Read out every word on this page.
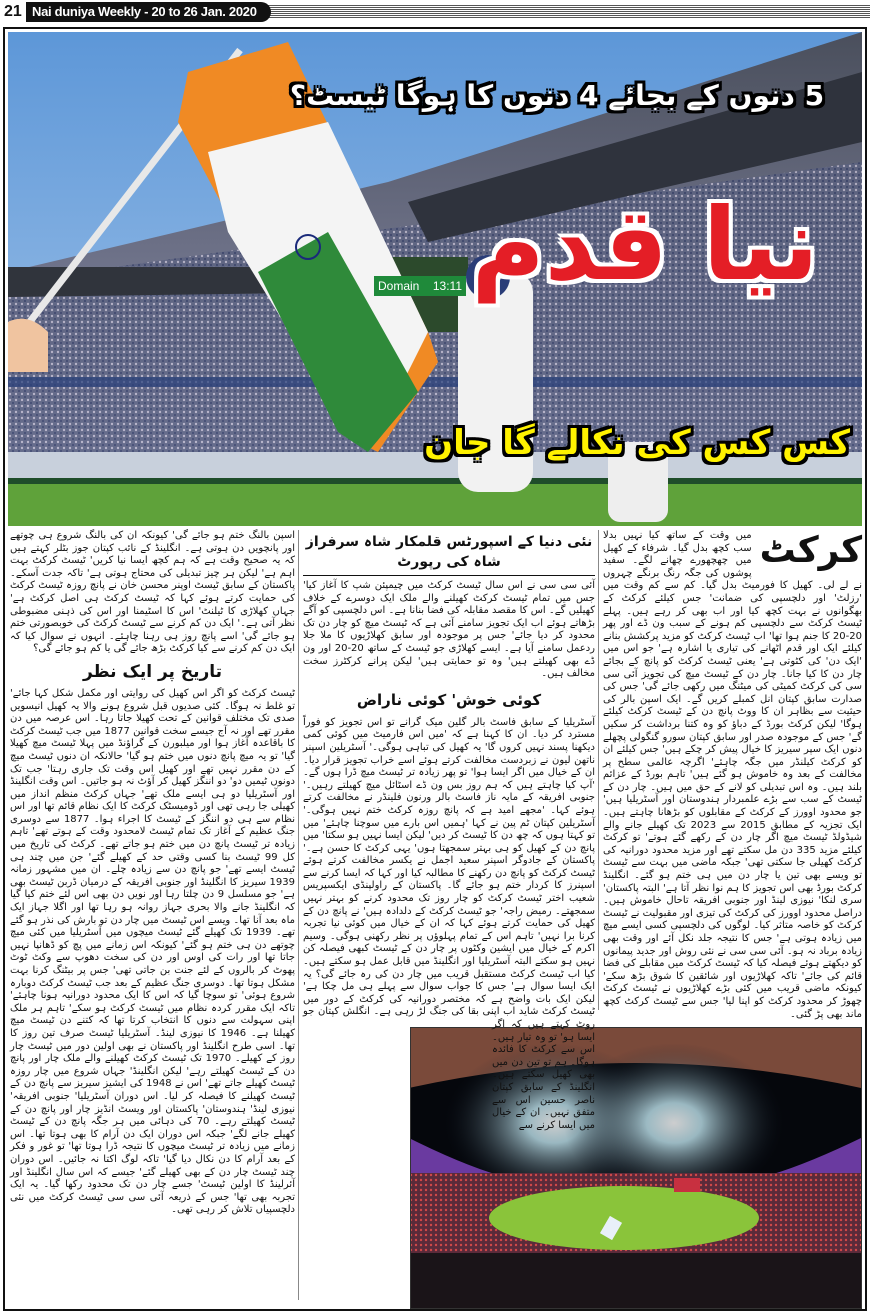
21 Nai duniya Weekly - 20 to 26 Jan. 2020
Domain 13:11
5 دنوں کے بجائے 4 دنوں کا ہوگا ٹیسٹ؟
نیا قدم
کس کس کی نکالے گا جان
کرکٹ

میں وقت کے ساتھ کیا نہیں بدلا سب کچھ بدل گیا۔ شرفاء کے کھیل میں چھچھورے چھانے لگے۔ سفید پوشوں کی جگہ رنگ برنگے چہروں نے لے لی۔ کھیل کا فورمیٹ بدل گیا۔ کم سے کم وقت میں 'رزلٹ' اور دلچسپی کی ضمانت' جس کیلئے کرکٹ کے بھگوانوں نے بہت کچھ کیا اور اب بھی کر رہے ہیں۔ پہلے ٹیسٹ کرکٹ سے دلچسپی کم ہونے کے سبب ون ڈے اور پھر 20-20 کا جنم ہوا تھا' اب ٹیسٹ کرکٹ کو مزید پرکشش بنانے کیلئے ایک اور قدم اٹھانے کی تیاری یا اشارہ ہے' جو اس میں 'ایک دن' کی کٹوتی ہے' یعنی ٹیسٹ کرکٹ کو پانچ کے بجائے چار دن کا کیا جانا۔ چار دن کے ٹیسٹ میچ کی تجویز آئی سی سی کی کرکٹ کمیٹی کی میٹنگ میں رکھی جائے گی' جس کی صدارت سابق کپتان انل کمبلے کریں گے۔ ایک اسپن بالر کی حیثیت سے بظاہر ان کا ووٹ پانچ دن کے ٹیسٹ کرکٹ کیلئے ہوگا' لیکن کرکٹ بورڈ کے دباؤ کو وہ کتنا برداشت کر سکیں گے' جس کے موجودہ صدر اور سابق کپتان سورو گنگولی پچھلے دنوں ایک سپر سیریز کا خیال پیش کر چکے ہیں' جس کیلئے ان کو کرکٹ کیلنڈر میں جگہ چاہئے' اگرچہ عالمی سطح پر مخالفت کے بعد وہ خاموش ہو گئے ہیں' تاہم بورڈ کے عزائم بلند ہیں۔ وہ اس تبدیلی کو لانے کے حق میں ہیں۔ چار دن کے ٹیسٹ کے سب سے بڑے علمبردار ہندوستان اور آسٹریلیا ہیں' جو محدود اوورز کے کرکٹ کے مقابلوں کو بڑھانا چاہتے ہیں۔ ایک تجزیہ کے مطابق 2015 سے 2023 تک کھیلے جانے والے شیڈولڈ ٹیسٹ میچ اگر چار دن کے رکھے گئے ہوتے' تو کرکٹ کیلئے مزید 335 دن مل سکتے تھے اور مزید محدود دورانیہ کی کرکٹ کھیلی جا سکتی تھی' جبکہ ماضی میں بہت سے ٹیسٹ تو ویسے بھی تین یا چار دن میں ہی ختم ہو گئے۔ انگلینڈ کرکٹ بورڈ بھی اس تجویز کا ہم نوا نظر آتا ہے' البتہ پاکستان' سری لنکا' نیوزی لینڈ اور جنوبی افریقہ تاحال خاموش ہیں۔ دراصل محدود اوورز کی کرکٹ کی تیزی اور مقبولیت نے ٹیسٹ کرکٹ کو خاصہ متاثر کیا۔ لوگوں کی دلچسپی کسی ایسے میچ میں زیادہ ہوتی ہے' جس کا نتیجہ جلد نکل آئے اور وقت بھی زیادہ برباد نہ ہو۔ آئی سی سی نے نئی روش اور جدید پیمانوں کو دیکھتے ہوئے فیصلہ کیا کہ ٹیسٹ کرکٹ میں مقابلے کی فضا قائم کی جائے' تاکہ کھلاڑیوں اور شائقین کا شوق بڑھ سکے' کیونکہ ماضی قریب میں کئی بڑے کھلاڑیوں نے ٹیسٹ کرکٹ چھوڑ کر محدود کرکٹ کو اپنا لیا' جس سے ٹیسٹ کرکٹ کچھ ماند بھی پڑ گئی۔

نئی دنیا کے اسپورٹس قلمکار شاہ سرفراز شاہ کی رپورٹ

آئی سی سی نے اس سال ٹیسٹ کرکٹ میں چیمپئن شپ کا آغاز کیا' جس میں تمام ٹیسٹ کرکٹ کھیلنے والے ملک ایک دوسرے کے خلاف کھیلیں گے۔ اس کا مقصد مقابلہ کی فضا بنانا ہے۔ اس دلچسپی کو آگے بڑھاتے ہوئے اب ایک تجویز سامنے آئی ہے کہ ٹیسٹ میچ کو چار دن تک محدود کر دیا جائے' جس پر موجودہ اور سابق کھلاڑیوں کا ملا جلا ردعمل سامنے آیا ہے۔ ایسے کھلاڑی جو ٹیسٹ کے ساتھ 20-20 اور ون ڈے بھی کھیلتے ہیں' وہ تو حمایتی ہیں' لیکن پرانے کرکٹرز سخت مخالف ہیں۔

کوئی خوش' کوئی ناراض

آسٹریلیا کے سابق فاسٹ بالر گلین میک گرانے تو اس تجویز کو فوراً مسترد کر دیا۔ ان کا کہنا ہے کہ 'میں اس فارمیٹ میں کوئی کمی دیکھنا پسند نہیں کروں گا' یہ کھیل کی تباہی ہوگی۔' آسٹریلین اسپنر ناتھن لیون نے زبردست مخالفت کرتے ہوئے اسے خراب تجویز قرار دیا۔ ان کے خیال میں اگر ایسا ہوا' تو پھر زیادہ تر ٹیسٹ میچ ڈرا ہوں گے۔ 'آپ کیا چاہتے ہیں کہ ہم روز بس ون ڈے اسٹائل میچ کھیلتے رہیں۔' جنوبی افریقہ کے مایہ ناز فاسٹ بالر ورنون فلینڈر نے مخالفت کرتے ہوئے کہا۔ 'مجھے امید ہے کہ پانچ روزہ کرکٹ ختم نہیں ہوگی۔' آسٹریلین کپتان ٹم پین نے کہا 'ہمیں اس بارے میں سوچنا چاہئے' میں تو کہتا ہوں کہ چھ دن کا ٹیسٹ کر دیں' لیکن ایسا نہیں ہو سکتا' میں پانچ دن کے کھیل کو ہی بہتر سمجھتا ہوں' یہی کرکٹ کا حسن ہے۔' پاکستان کے جادوگر اسپنر سعید اجمل نے یکسر مخالفت کرتے ہوئے ٹیسٹ کرکٹ کو پانچ دن رکھنے کا مطالبہ کیا اور کہا کہ ایسا کرنے سے اسپنرز کا کردار ختم ہو جائے گا۔ پاکستان کے راولپنڈی ایکسپریس شعیب اختر ٹیسٹ کرکٹ کو چار روز تک محدود کرنے کو بہتر نہیں سمجھتے۔ رمیض راجہ' جو ٹیسٹ کرکٹ کے دلدادہ ہیں' نے پانچ دن کے کھیل کی حمایت کرتے ہوئے کہا کہ ان کے خیال میں کوئی نیا تجربہ کرنا برا نہیں' تاہم اس کے تمام پہلوؤں پر نظر رکھنی ہوگی۔ وسیم اکرم کے خیال میں ایشین وکٹوں پر چار دن کے ٹیسٹ کبھی فیصلہ کن نہیں ہو سکتے البتہ آسٹریلیا اور انگلینڈ میں قابل عمل ہو سکتے ہیں۔ کیا اب ٹیسٹ کرکٹ مستقبل قریب میں چار دن کی رہ جائے گی؟ یہ ایک ایسا سوال ہے' جس کا جواب سوال سے پہلے ہی مل چکا ہے' لیکن ایک بات واضح ہے کہ مختصر دورانیہ کی کرکٹ کے دور میں ٹیسٹ کرکٹ شاید اب اپنی بقا کی جنگ لڑ رہی ہے۔ انگلش کپتان جو روٹ کہتے ہیں کہ اگر ایسا ہو' تو وہ تیار ہیں۔ اس سے کرکٹ کا فائدہ ہوگا۔ ہم تو تین دن میں بھی کھیل سکتے ہیں۔ انگلینڈ کے سابق کپتان ناصر حسین اس سے متفق نہیں۔ ان کے خیال میں ایسا کرنے سے

اسپن بالنگ ختم ہو جائے گی' کیونکہ ان کی بالنگ شروع ہی چوتھے اور پانچویں دن ہوتی ہے۔ انگلینڈ کے نائب کپتان جوز بٹلر کہتے ہیں کہ یہ صحیح وقت ہے کہ ہم کچھ ایسا نیا کریں' ٹیسٹ کرکٹ بہت اہم ہے' لیکن ہر چیز تبدیلی کی محتاج ہوتی ہے' تاکہ جدت آسکے۔ پاکستان کے سابق ٹیسٹ اوپنر محسن خان نے پانچ روزہ ٹیسٹ کرکٹ کی حمایت کرتے ہوئے کہا کہ ٹیسٹ کرکٹ ہی اصل کرکٹ ہے' جہاں کھلاڑی کا ٹیلنٹ' اس کا اسٹیمنا اور اس کی ذہنی مضبوطی نظر آتی ہے۔' ایک دن کم کرنے سے ٹیسٹ کرکٹ کی خوبصورتی ختم ہو جائے گی' اسے پانچ روز ہی رہنا چاہئے۔ انہوں نے سوال کیا کہ ایک دن کم کرنے سے کیا کرکٹ بڑھ جائے گی یا کم ہو جائے گی؟

تاریخ پر ایک نظر

ٹیسٹ کرکٹ کو اگر اس کھیل کی روایتی اور مکمل شکل کہا جائے' تو غلط نہ ہوگا۔ کئی صدیوں قبل شروع ہونے والا یہ کھیل انیسویں صدی تک مختلف قوانین کے تحت کھیلا جاتا رہا۔ اس عرصہ میں دن مقرر تھے اور نہ آج جیسے سخت قوانین 1877 میں جب ٹیسٹ کرکٹ کا باقاعدہ آغاز ہوا اور میلبورن کے گراؤنڈ میں پہلا ٹیسٹ میچ کھیلا گیا' تو یہ میچ پانچ دنوں میں ختم ہو گیا' حالانکہ ان دنوں ٹیسٹ میچ کے دن مقرر نہیں تھے اور کھیل اس وقت تک جاری رہتا' جب تک دونوں ٹیمیں دو' دو اننگز کھیل کر آؤٹ نہ ہو جاتیں۔ اس وقت انگلینڈ اور آسٹریلیا دو ہی ایسے ملک تھے' جہاں کرکٹ منظم انداز میں کھیلی جا رہی تھی اور ڈومیسٹک کرکٹ کا ایک نظام قائم تھا اور اس نظام سے ہی دو اننگز کے ٹیسٹ کا اجراء ہوا۔ 1877 سے دوسری جنگ عظیم کے آغاز تک تمام ٹیسٹ لامحدود وقت کے ہوتے تھے' تاہم زیادہ تر ٹیسٹ پانچ دن میں ختم ہو جاتے تھے۔ کرکٹ کی تاریخ میں کل 99 ٹیسٹ بنا کسی وقتی حد کے کھیلے گئے' جن میں چند ہی ٹیسٹ ایسے تھے' جو پانچ دن سے زیادہ چلے۔ ان میں مشہور زمانہ 1939 سیریز کا انگلینڈ اور جنوبی افریقہ کے درمیان ڈربن ٹیسٹ بھی ہے' جو مسلسل 9 دن چلتا رہا اور نویں دن بھی اس لئے ختم کیا گیا کہ انگلینڈ جانے والا بحری جہاز روانہ ہو رہا تھا اور اگلا جہاز ایک ماہ بعد آنا تھا۔ ویسے اس ٹیسٹ میں چار دن تو بارش کی نذر ہو گئے تھے۔ 1939 تک کھیلے گئے ٹیسٹ میچوں میں آسٹریلیا میں کئی میچ چوتھے دن ہی ختم ہو گئے' کیونکہ اس زمانے میں پچ کو ڈھانپا نہیں جاتا تھا اور رات کی اوس اور دن کی سخت دھوپ سے وکٹ ٹوٹ پھوٹ کر بالروں کے لئے جنت بن جاتی تھی' جس پر بیٹنگ کرنا بہت مشکل ہوتا تھا۔ دوسری جنگ عظیم کے بعد جب ٹیسٹ کرکٹ دوبارہ شروع ہوئی' تو سوچا گیا کہ اس کا ایک محدود دورانیہ ہونا چاہئے' تاکہ ایک مقرر کردہ نظام میں ٹیسٹ کرکٹ ہو سکے' تاہم ہر ملک اپنی سہولت سے دنوں کا انتخاب کرتا تھا کہ کتنے دن ٹیسٹ میچ کھیلنا ہے۔ 1946 کا نیوزی لینڈ۔ آسٹریلیا ٹیسٹ صرف تین روز کا تھا۔ اسی طرح انگلینڈ اور پاکستان نے بھی اولین دور میں ٹیسٹ چار روز کے کھیلے۔ 1970 تک ٹیسٹ کرکٹ کھیلنے والے ملک چار اور پانچ دن کے ٹیسٹ کھیلتے رہے' لیکن انگلینڈ' جہاں شروع میں چار روزہ ٹیسٹ کھیلے جاتے تھے' اس نے 1948 کی ایشیز سیریز سے پانچ دن کے ٹیسٹ کھیلنے کا فیصلہ کر لیا۔ اس دوران آسٹریلیا' جنوبی افریقہ' نیوزی لینڈ' ہندوستان' پاکستان اور ویسٹ انڈیز چار اور پانچ دن کے ٹیسٹ کھیلتے رہے۔ 70 کی دہائی میں ہر جگہ پانچ دن کے ٹیسٹ کھیلے جانے لگے' جبکہ اس دوران ایک دن آرام کا بھی ہوتا تھا۔ اس زمانے میں زیادہ تر ٹیسٹ میچوں کا نتیجہ ڈرا ہوتا تھا' تو غور و فکر کے بعد آرام کا دن نکال دیا گیا' تاکہ لوگ اکتا نہ جائیں۔ اس دوران چند ٹیسٹ چار دن کے بھی کھیلے گئے' جیسے کہ اس سال انگلینڈ اور آئرلینڈ کا اولین ٹیسٹ' جسے چار دن تک محدود رکھا گیا۔ یہ ایک تجربہ بھی تھا' جس کے ذریعہ آئی سی سی ٹیسٹ کرکٹ میں نئی دلچسپیاں تلاش کر رہی تھی۔
